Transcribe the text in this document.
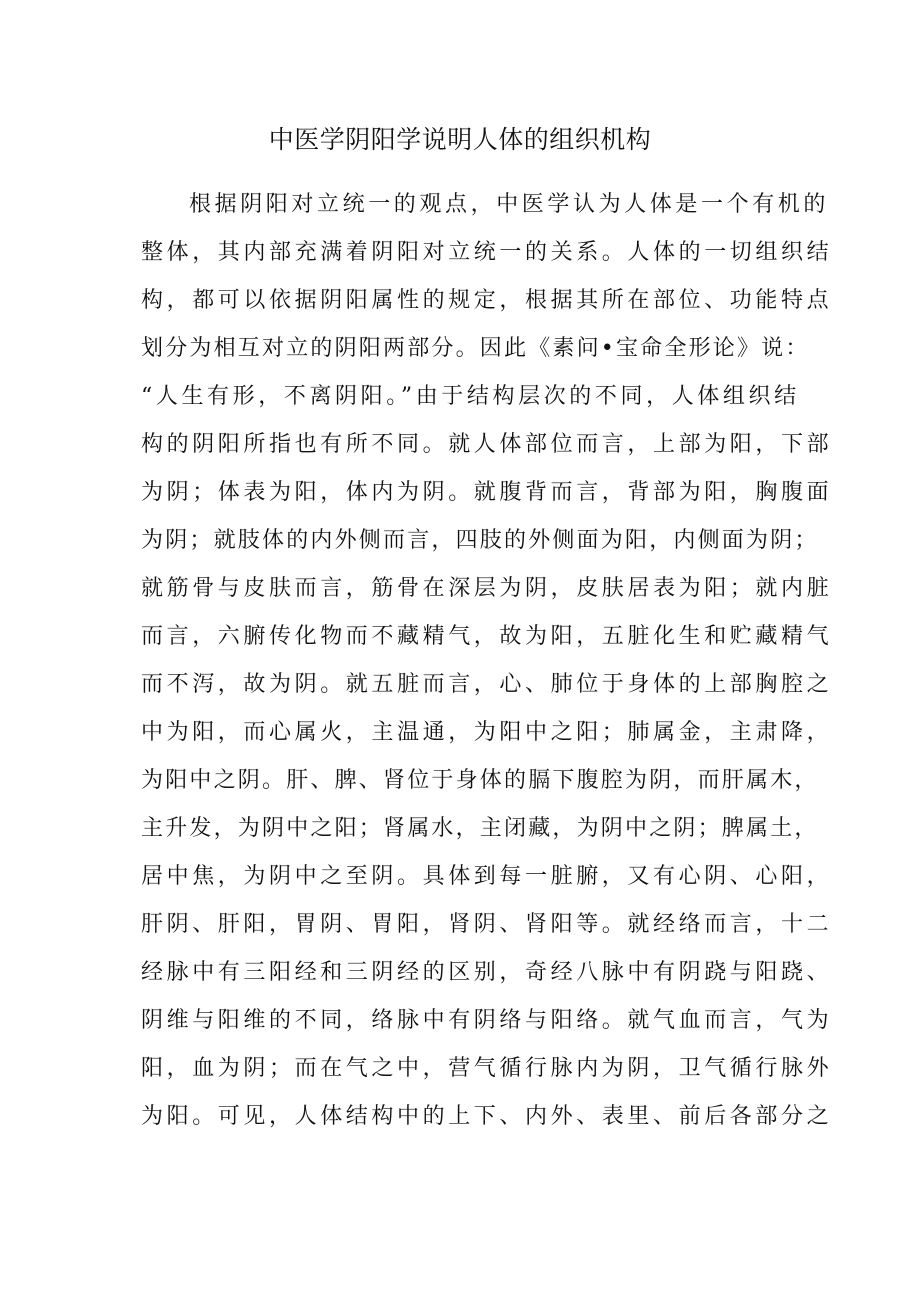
中医学阴阳学说明人体的组织机构
根据阴阳对立统一的观点，中医学认为人体是一个有机的
整体，其内部充满着阴阳对立统一的关系。人体的一切组织结
构，都可以依据阴阳属性的规定，根据其所在部位、功能特点
划分为相互对立的阴阳两部分。因此《素问•宝命全形论》说：
“人生有形，不离阴阳。”由于结构层次的不同，人体组织结
构的阴阳所指也有所不同。就人体部位而言，上部为阳，下部
为阴；体表为阳，体内为阴。就腹背而言，背部为阳，胸腹面
为阴；就肢体的内外侧而言，四肢的外侧面为阳，内侧面为阴；
就筋骨与皮肤而言，筋骨在深层为阴，皮肤居表为阳；就内脏
而言，六腑传化物而不藏精气，故为阳，五脏化生和贮藏精气
而不泻，故为阴。就五脏而言，心、肺位于身体的上部胸腔之
中为阳，而心属火，主温通，为阳中之阳；肺属金，主肃降，
为阳中之阴。肝、脾、肾位于身体的膈下腹腔为阴，而肝属木，
主升发，为阴中之阳；肾属水，主闭藏，为阴中之阴；脾属土，
居中焦，为阴中之至阴。具体到每一脏腑，又有心阴、心阳，
肝阴、肝阳，胃阴、胃阳，肾阴、肾阳等。就经络而言，十二
经脉中有三阳经和三阴经的区别，奇经八脉中有阴跷与阳跷、
阴维与阳维的不同，络脉中有阴络与阳络。就气血而言，气为
阳，血为阴；而在气之中，营气循行脉内为阴，卫气循行脉外
为阳。可见，人体结构中的上下、内外、表里、前后各部分之
